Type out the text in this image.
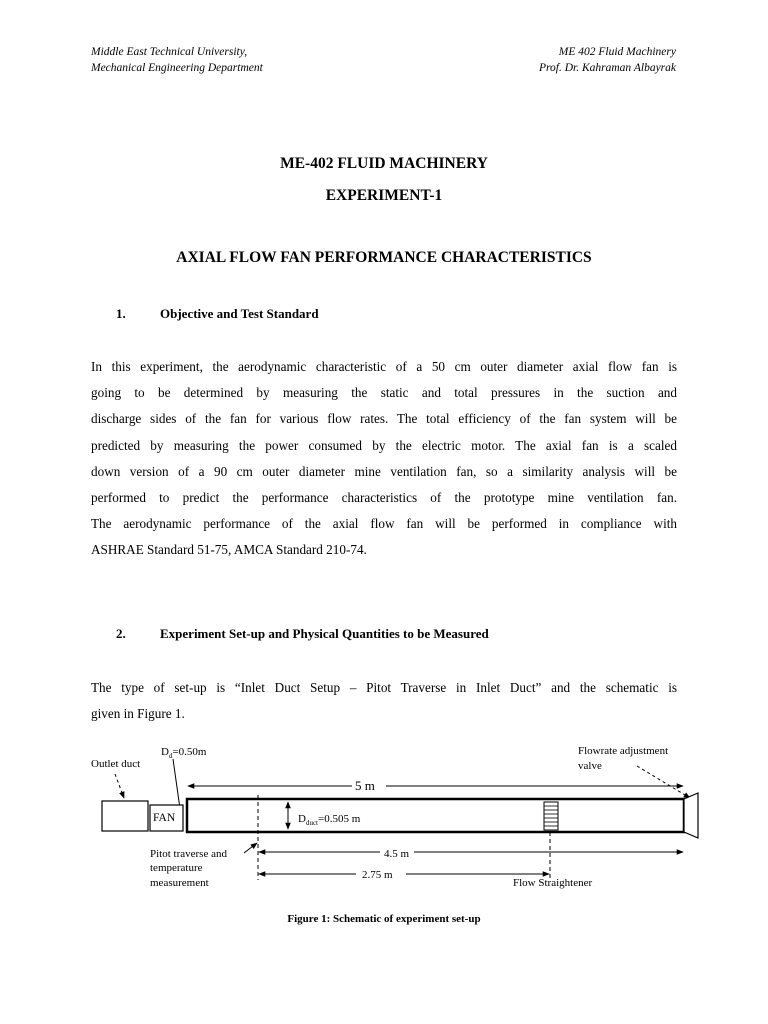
Middle East Technical University,
Mechanical Engineering Department
ME 402 Fluid Machinery
Prof. Dr. Kahraman Albayrak
ME-402 FLUID MACHINERY
EXPERIMENT-1
AXIAL FLOW FAN PERFORMANCE CHARACTERISTICS
1.	Objective and Test Standard

In this experiment, the aerodynamic characteristic of a 50 cm outer diameter axial flow fan is
going to be determined by measuring the static and total pressures in the suction and
discharge sides of the fan for various flow rates. The total efficiency of the fan system will be
predicted by measuring the power consumed by the electric motor. The axial fan is a scaled
down version of a 90 cm outer diameter mine ventilation fan, so a similarity analysis will be
performed to predict the performance characteristics of the prototype mine ventilation fan.
The aerodynamic performance of the axial flow fan will be performed in compliance with
ASHRAE Standard 51-75, AMCA Standard 210-74.

2.	Experiment Set-up and Physical Quantities to be Measured

The type of set-up is “Inlet Duct Setup – Pitot Traverse in Inlet Duct” and the schematic is
given in Figure 1.

$D_d=0.50m$
Outlet duct
Flowrate adjustment
valve
5 m
FAN	$D_{duct}=0.505$ m
Pitot traverse and
temperature
measurement
4.5 m
2.75 m
Flow Straightener
Figure 1: Schematic of experiment set-up
